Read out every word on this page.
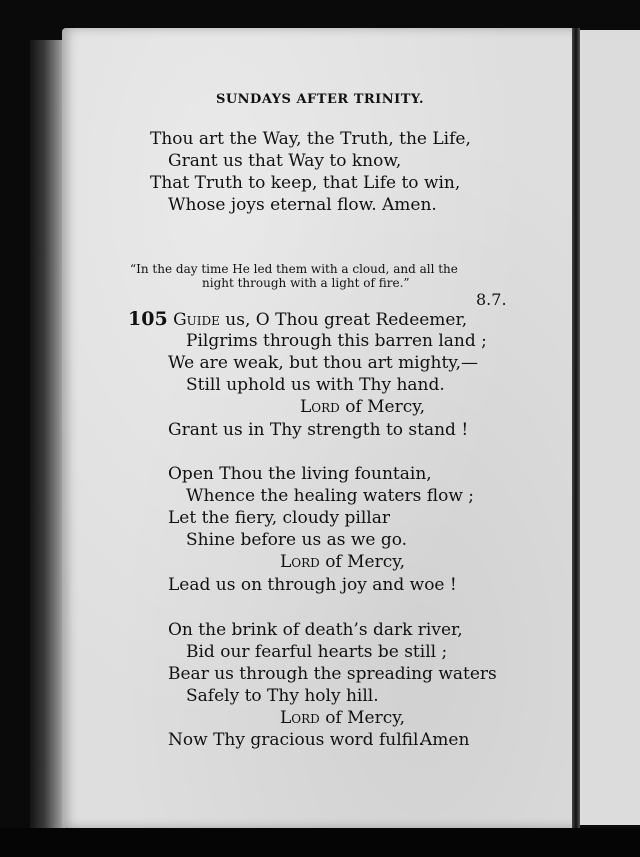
SUNDAYS AFTER TRINITY.
Thou art the Way, the Truth, the Life,
Grant us that Way to know,
That Truth to keep, that Life to win,
Whose joys eternal flow. Amen.
“In the day time He led them with a cloud, and all the
night through with a light of fire.”
8.7.
105 GUIDE us, O Thou great Redeemer,
Pilgrims through this barren land ;
We are weak, but thou art mighty,—
Still uphold us with Thy hand.
LORD of Mercy,
Grant us in Thy strength to stand !
Open Thou the living fountain,
Whence the healing waters flow ;
Let the fiery, cloudy pillar
Shine before us as we go.
LORD of Mercy,
Lead us on through joy and woe !
On the brink of death’s dark river,
Bid our fearful hearts be still ;
Bear us through the spreading waters
Safely to Thy holy hill.
LORD of Mercy,
Now Thy gracious word fulfil.
Amen
